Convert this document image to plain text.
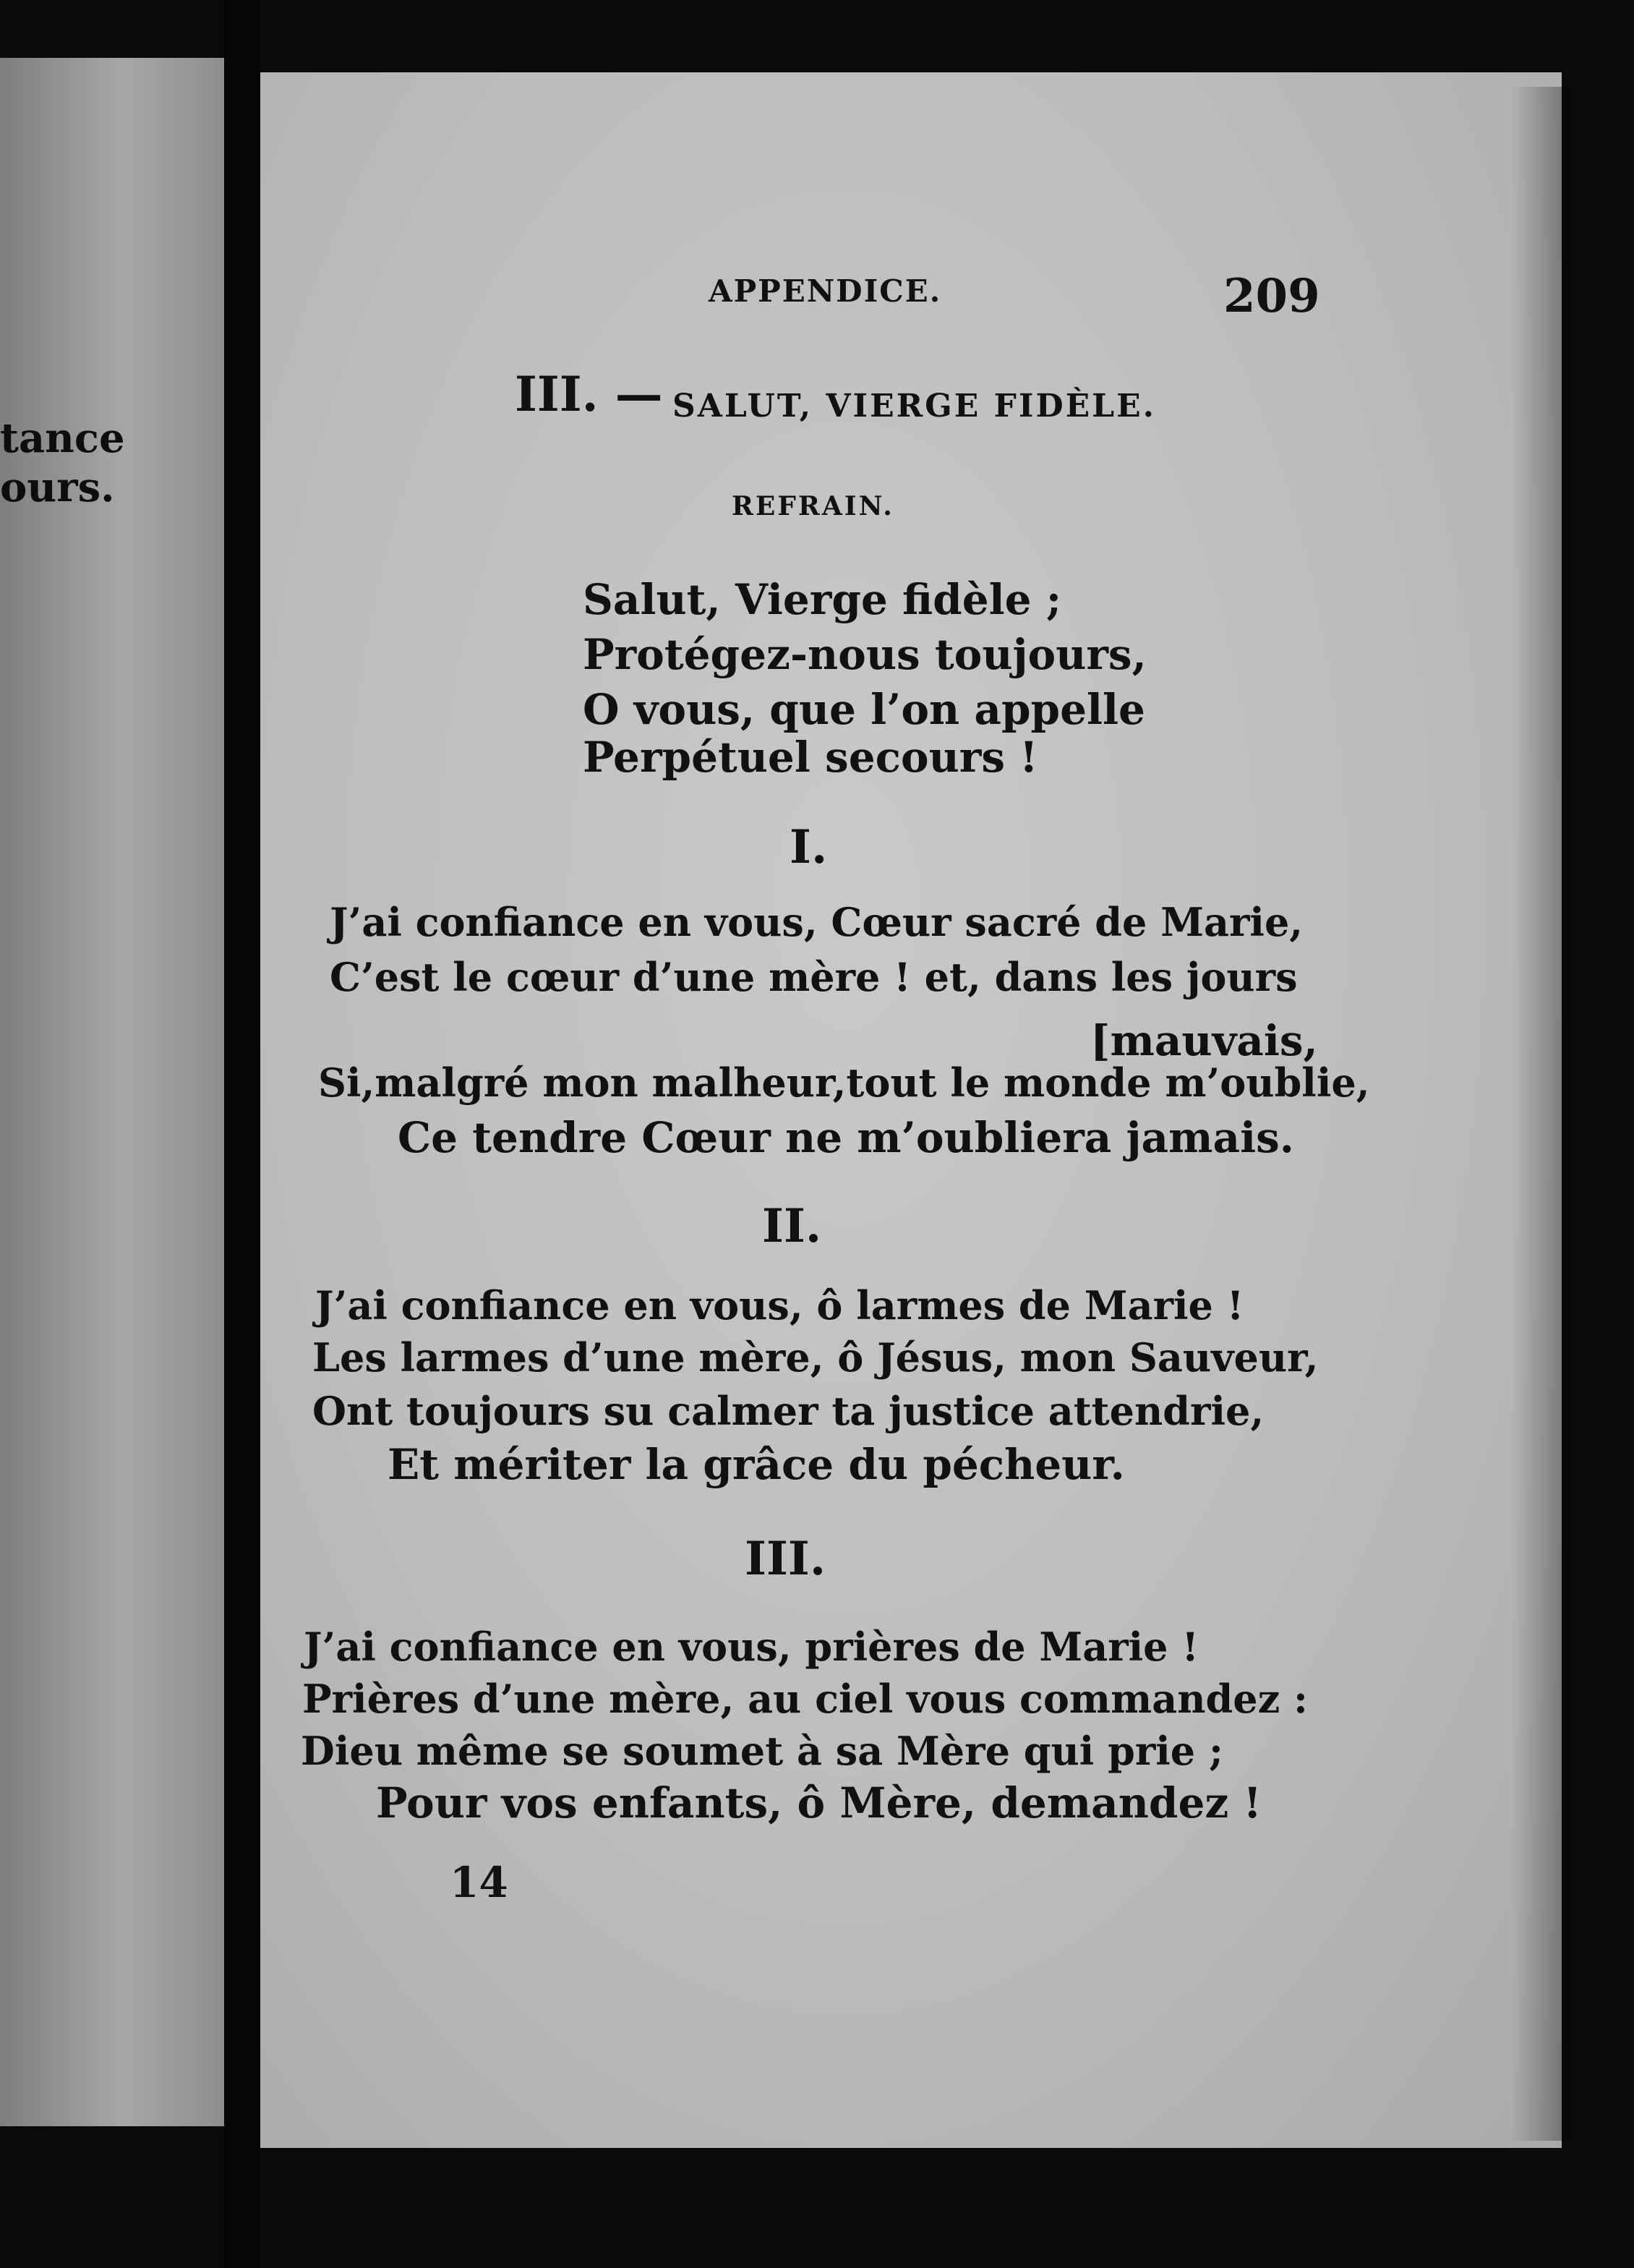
tance
ours.
APPENDICE.	209
III. — SALUT, VIERGE FIDÈLE.
REFRAIN.
Salut, Vierge fidèle ;
Protégez-nous toujours,
O vous, que l’on appelle
Perpétuel secours !
I.
J’ai confiance en vous, Cœur sacré de Marie,
C’est le cœur d’une mère ! et, dans les jours
[mauvais,
Si,malgré mon malheur,tout le monde m’oublie,
Ce tendre Cœur ne m’oubliera jamais.
II.
J’ai confiance en vous, ô larmes de Marie !
Les larmes d’une mère, ô Jésus, mon Sauveur,
Ont toujours su calmer ta justice attendrie,
Et mériter la grâce du pécheur.
III.
J’ai confiance en vous, prières de Marie !
Prières d’une mère, au ciel vous commandez :
Dieu même se soumet à sa Mère qui prie ;
Pour vos enfants, ô Mère, demandez !
14
